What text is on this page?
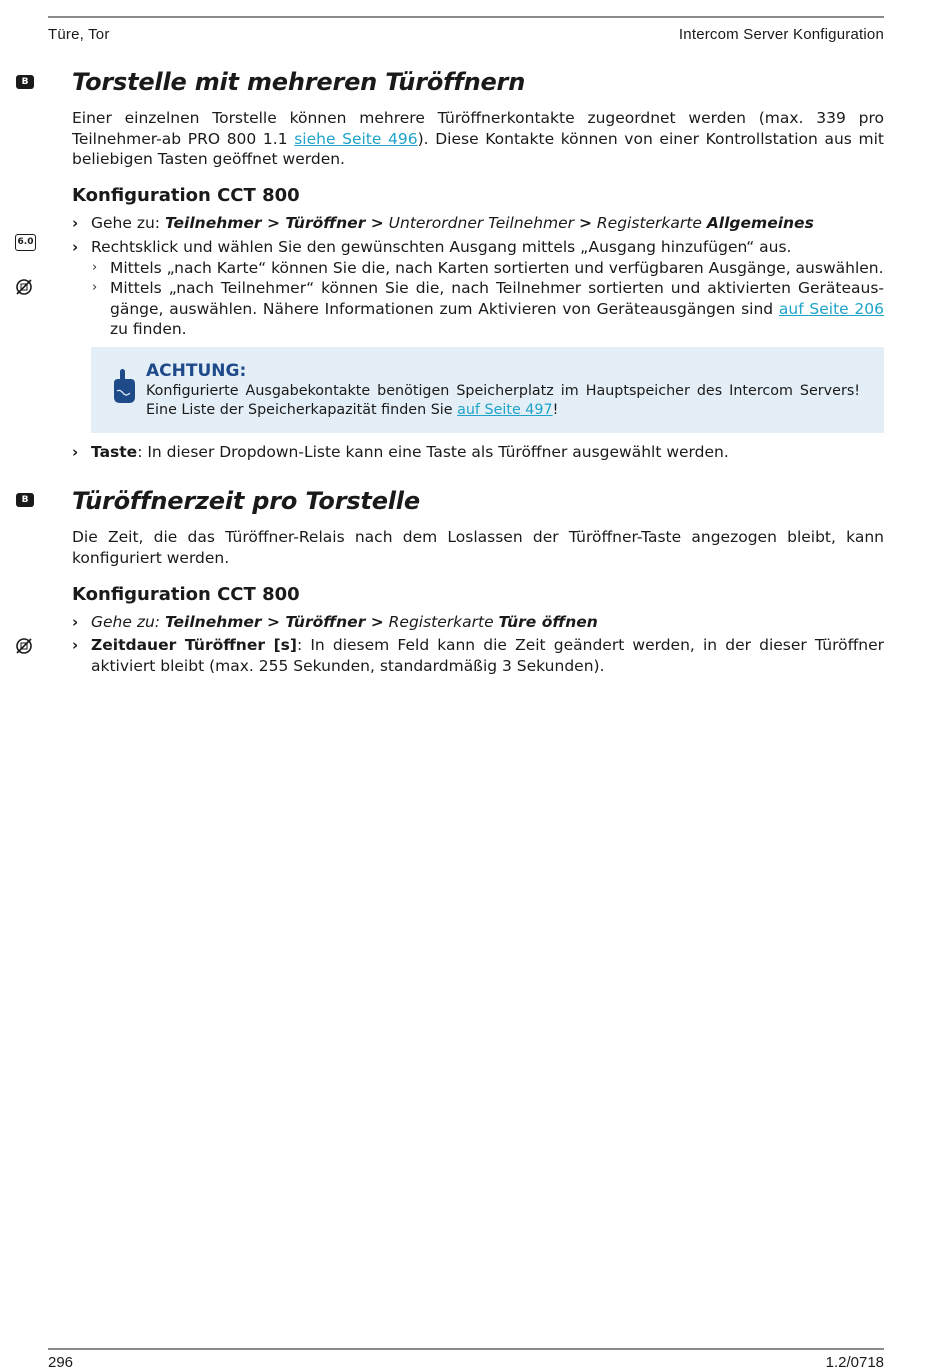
Türe, Tor	Intercom Server Konfiguration
B
6.0
B
Torstelle mit mehreren Türöffnern

Einer einzelnen Torstelle können mehrere Türöffnerkontakte zugeordnet werden (max. 339 pro Teilnehmer-ab PRO 800 1.1 siehe Seite 496). Diese Kontakte können von einer Kontrollstation aus mit beliebigen Tasten geöffnet werden.

Konfiguration CCT 800
› Gehe zu: Teilnehmer > Türöffner > Unterordner Teilnehmer > Registerkarte Allgemeines
› Rechtsklick und wählen Sie den gewünschten Ausgang mittels „Ausgang hinzufügen“ aus.
› Mittels „nach Karte“ können Sie die, nach Karten sortierten und verfügbaren Ausgänge, auswählen.
› Mittels „nach Teilnehmer“ können Sie die, nach Teilnehmer sortierten und aktivierten Geräteausgänge, auswählen. Nähere Informationen zum Aktivieren von Geräteausgängen sind auf Seite 206 zu finden.
ACHTUNG:
Konfigurierte Ausgabekontakte benötigen Speicherplatz im Hauptspeicher des Intercom Servers! Eine Liste der Speicherkapazität finden Sie auf Seite 497!
› Taste: In dieser Dropdown-Liste kann eine Taste als Türöffner ausgewählt werden.
Türöffnerzeit pro Torstelle

Die Zeit, die das Türöffner-Relais nach dem Loslassen der Türöffner-Taste angezogen bleibt, kann konfiguriert werden.

Konfiguration CCT 800
› Gehe zu: Teilnehmer > Türöffner > Registerkarte Türe öffnen
› Zeitdauer Türöffner [s]: In diesem Feld kann die Zeit geändert werden, in der dieser Türöffner aktiviert bleibt (max. 255 Sekunden, standardmäßig 3 Sekunden).
296	1.2/0718
